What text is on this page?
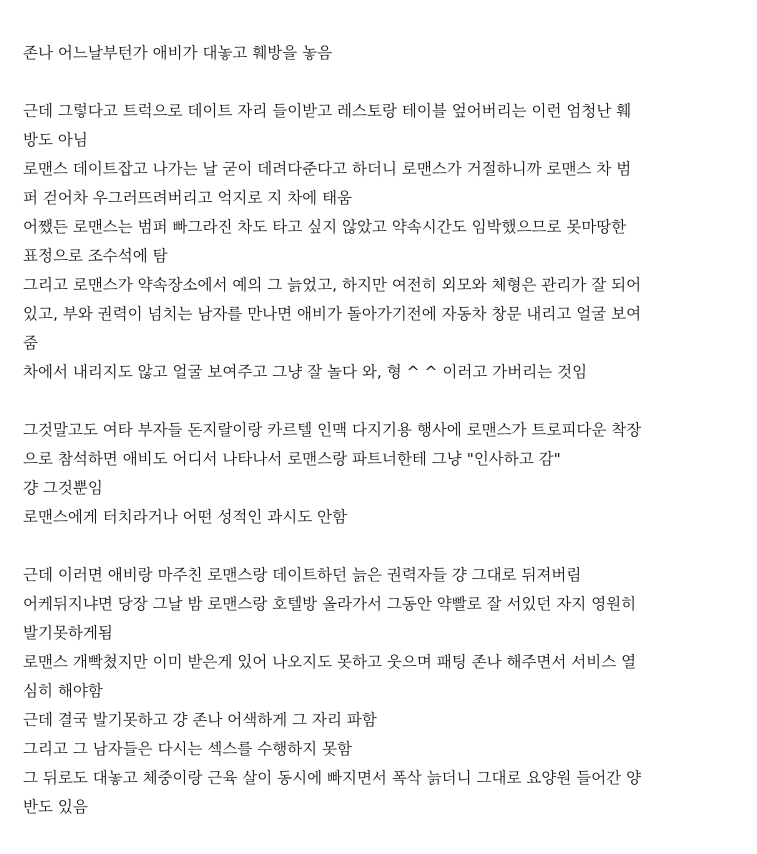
존나 어느날부턴가 애비가 대놓고 훼방을 놓음

근데 그렇다고 트럭으로 데이트 자리 들이받고 레스토랑 테이블 엎어버리는 이런 엄청난 훼
방도 아님

로맨스 데이트잡고 나가는 날 굳이 데려다준다고 하더니 로맨스가 거절하니까 로맨스 차 범
퍼 걷어차 우그러뜨려버리고 억지로 지 차에 태움

어쨌든 로맨스는 범퍼 빠그라진 차도 타고 싶지 않았고 약속시간도 임박했으므로 못마땅한
표정으로 조수석에 탐

그리고 로맨스가 약속장소에서 예의 그 늙었고, 하지만 여전히 외모와 체형은 관리가 잘 되어
있고, 부와 권력이 넘치는 남자를 만나면 애비가 돌아가기전에 자동차 창문 내리고 얼굴 보여
줌

차에서 내리지도 않고 얼굴 보여주고 그냥 잘 놀다 와, 형 ^ ^ 이러고 가버리는 것임

그것말고도 여타 부자들 돈지랄이랑 카르텔 인맥 다지기용 행사에 로맨스가 트로피다운 착장
으로 참석하면 애비도 어디서 나타나서 로맨스랑 파트너한테 그냥 "인사하고 감"

걍 그것뿐임

로맨스에게 터치라거나 어떤 성적인 과시도 안함

근데 이러면 애비랑 마주친 로맨스랑 데이트하던 늙은 권력자들 걍 그대로 뒤져버림

어케뒤지냐면 당장 그날 밤 로맨스랑 호텔방 올라가서 그동안 약빨로 잘 서있던 자지 영원히
발기못하게됨

로맨스 개빡쳤지만 이미 받은게 있어 나오지도 못하고 웃으며 패팅 존나 해주면서 서비스 열
심히 해야함

근데 결국 발기못하고 걍 존나 어색하게 그 자리 파함

그리고 그 남자들은 다시는 섹스를 수행하지 못함

그 뒤로도 대놓고 체중이랑 근육 살이 동시에 빠지면서 폭삭 늙더니 그대로 요양원 들어간 양
반도 있음
